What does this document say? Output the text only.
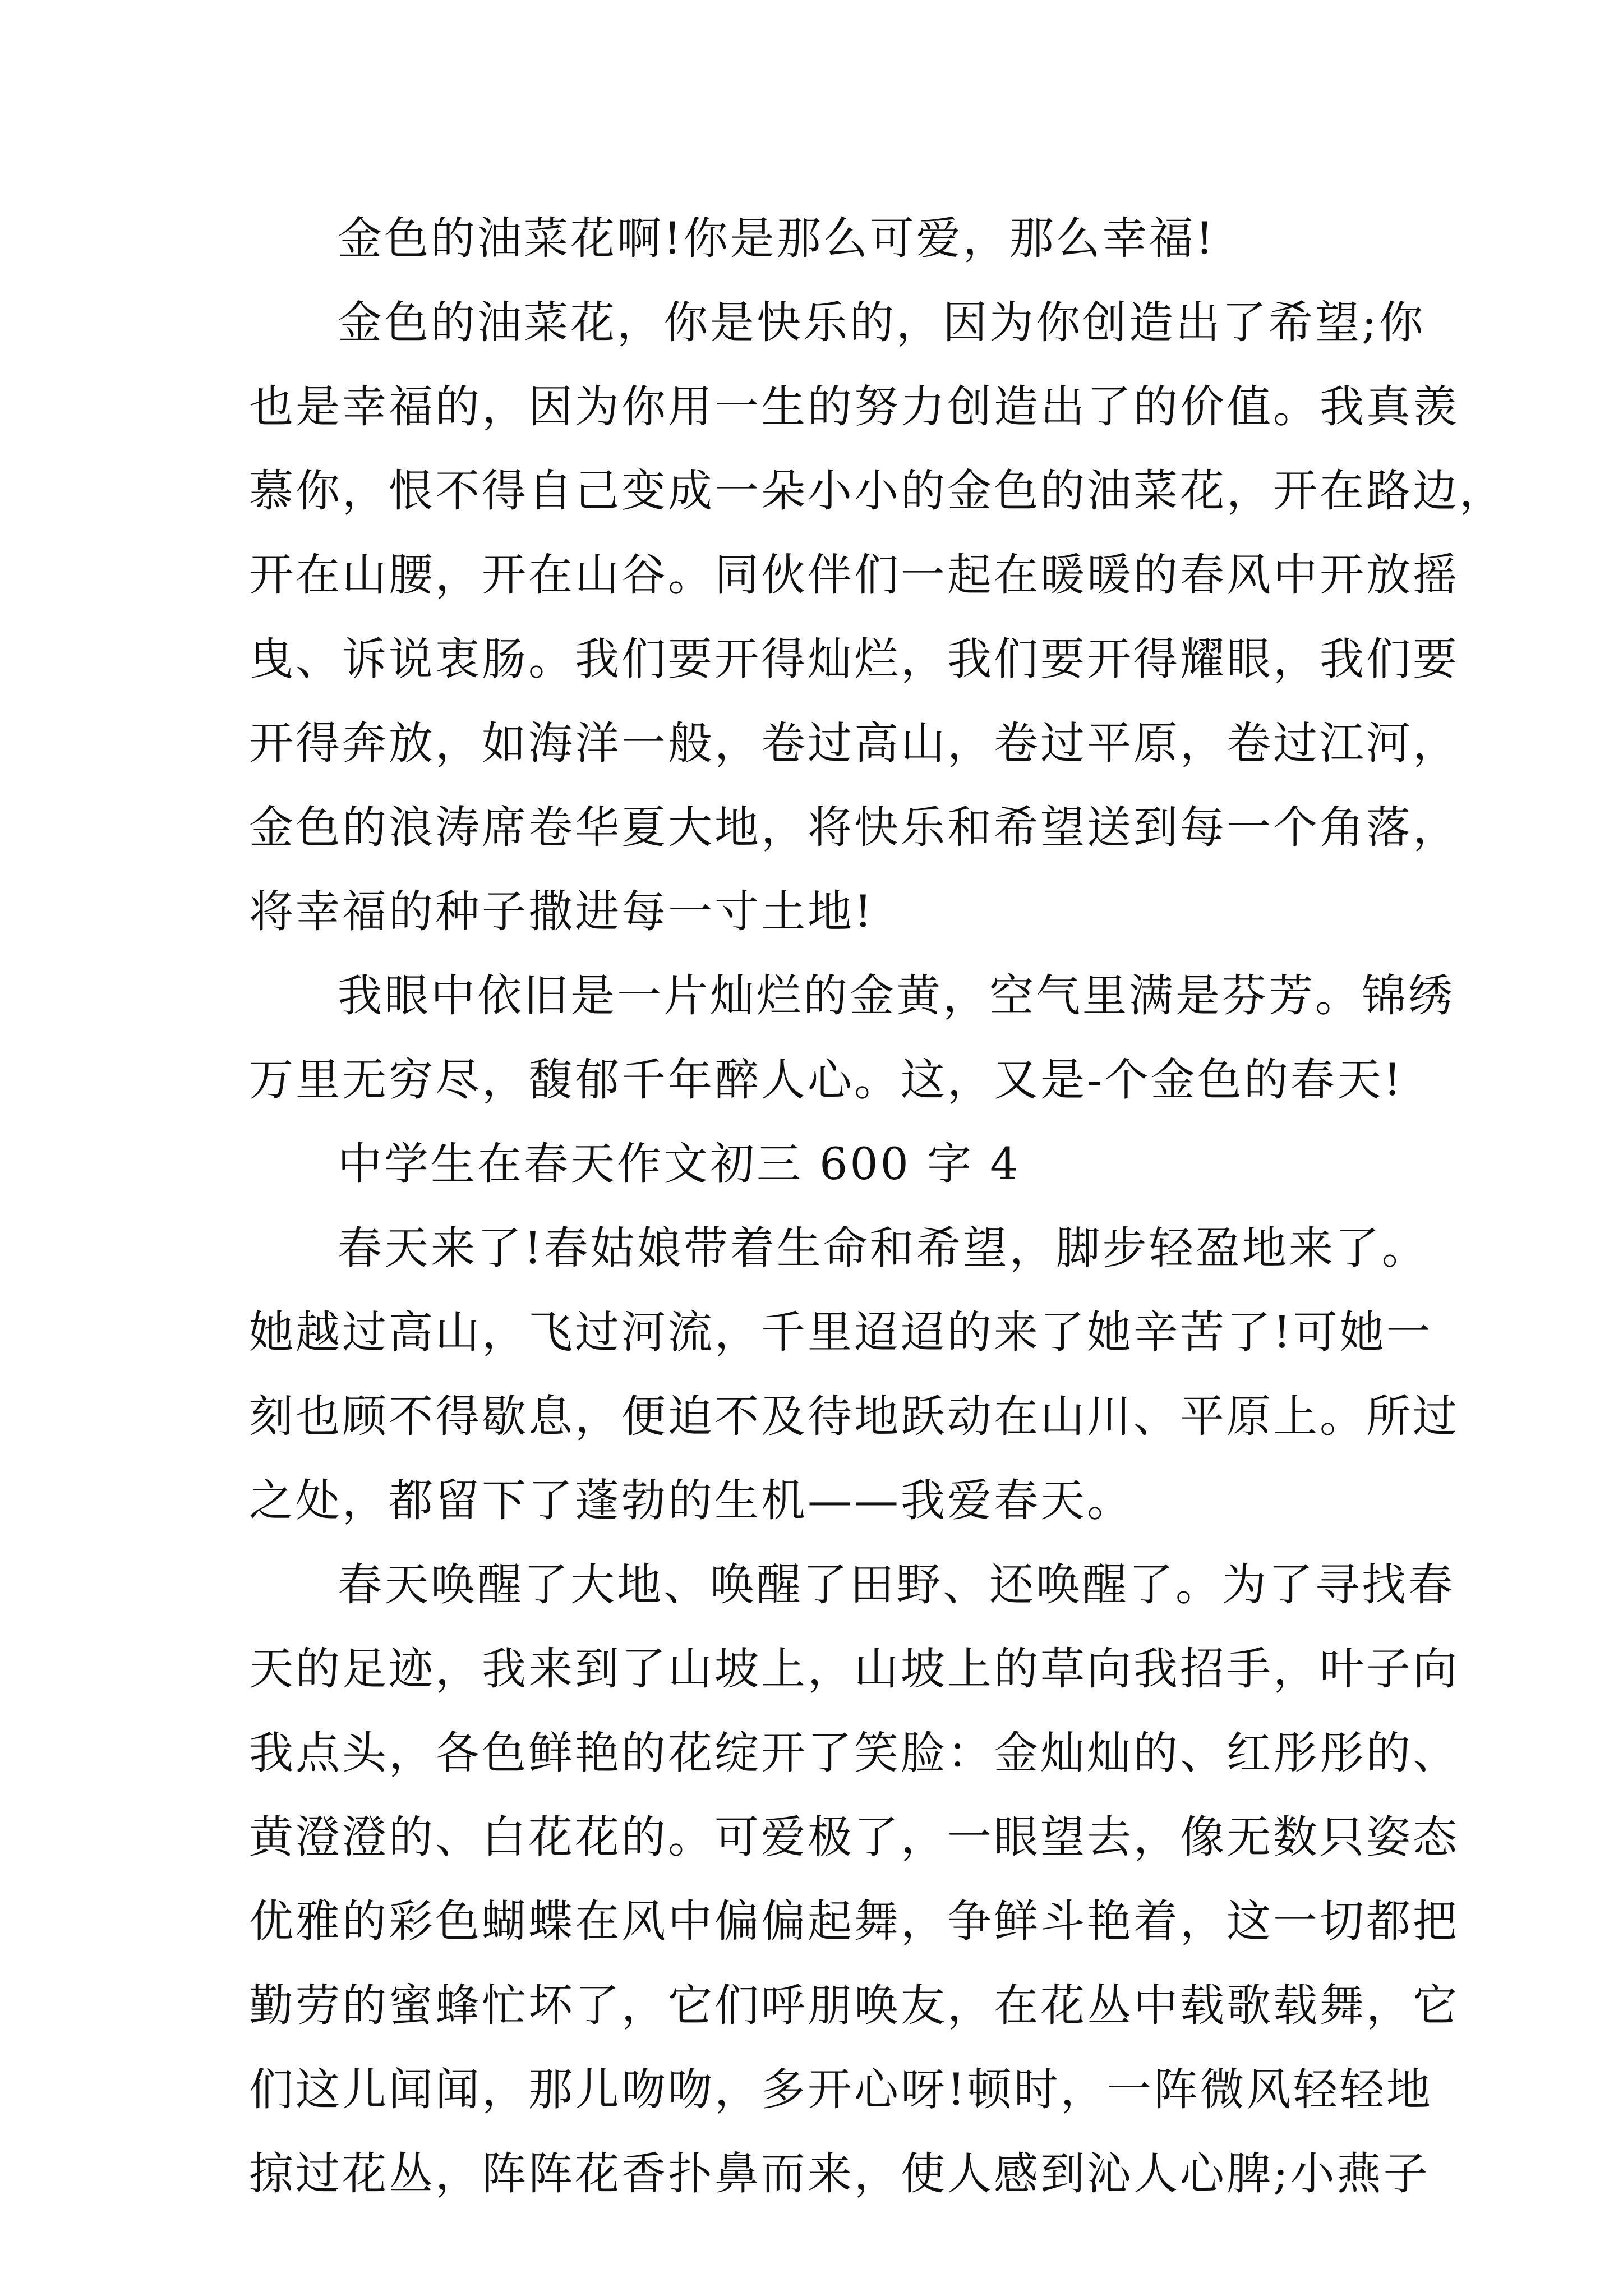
金色的油菜花啊!你是那么可爱，那么幸福!
金色的油菜花，你是快乐的，因为你创造出了希望;你
也是幸福的，因为你用一生的努力创造出了的价值。我真羡
慕你，恨不得自己变成一朵小小的金色的油菜花，开在路边，
开在山腰，开在山谷。同伙伴们一起在暖暖的春风中开放摇
曳、诉说衷肠。我们要开得灿烂，我们要开得耀眼，我们要
开得奔放，如海洋一般，卷过高山，卷过平原，卷过江河，
金色的浪涛席卷华夏大地，将快乐和希望送到每一个角落，
将幸福的种子撒进每一寸土地!
我眼中依旧是一片灿烂的金黄，空气里满是芬芳。锦绣
万里无穷尽，馥郁千年醉人心。这，又是-个金色的春天!
中学生在春天作文初三 600 字 4
春天来了!春姑娘带着生命和希望，脚步轻盈地来了。
她越过高山，飞过河流，千里迢迢的来了她辛苦了!可她一
刻也顾不得歇息，便迫不及待地跃动在山川、平原上。所过
之处，都留下了蓬勃的生机——我爱春天。
春天唤醒了大地、唤醒了田野、还唤醒了。为了寻找春
天的足迹，我来到了山坡上，山坡上的草向我招手，叶子向
我点头，各色鲜艳的花绽开了笑脸：金灿灿的、红彤彤的、
黄澄澄的、白花花的。可爱极了，一眼望去，像无数只姿态
优雅的彩色蝴蝶在风中偏偏起舞，争鲜斗艳着，这一切都把
勤劳的蜜蜂忙坏了，它们呼朋唤友，在花丛中载歌载舞，它
们这儿闻闻，那儿吻吻，多开心呀!顿时，一阵微风轻轻地
掠过花丛，阵阵花香扑鼻而来，使人感到沁人心脾;小燕子
